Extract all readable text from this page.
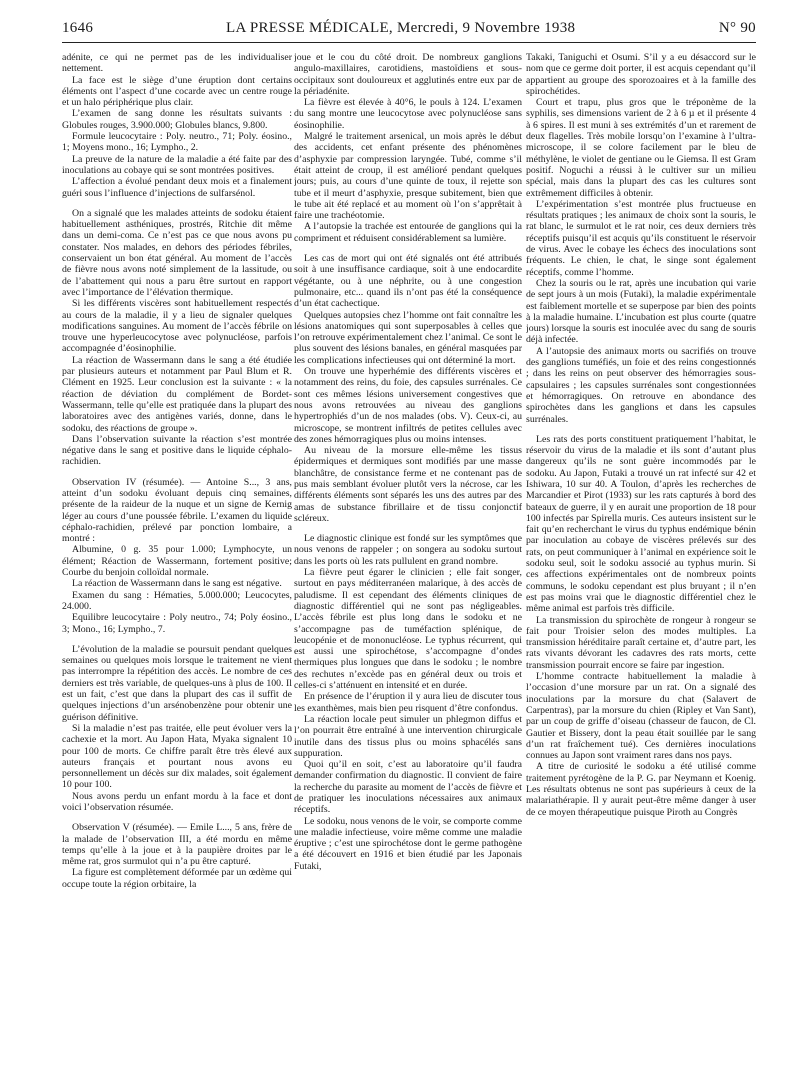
1646	LA PRESSE MÉDICALE, Mercredi, 9 Novembre 1938	N° 90

adénite, ce qui ne permet pas de les individualiser nettement.

La face est le siège d’une éruption dont certains éléments ont l’aspect d’une cocarde avec un centre rouge et un halo périphérique plus clair.

L’examen de sang donne les résultats suivants : Globules rouges, 3.900.000; Globules blancs, 9.800.

Formule leucocytaire : Poly. neutro., 71; Poly. éosino., 1; Moyens mono., 16; Lympho., 2.

La preuve de la nature de la maladie a été faite par des inoculations au cobaye qui se sont montrées positives.

L’affection a évolué pendant deux mois et a finalement guéri sous l’influence d’injections de sulfarsénol.

On a signalé que les malades atteints de sodoku étaient habituellement asthéniques, prostrés, Ritchie dit même dans un demi-coma. Ce n’est pas ce que nous avons pu constater. Nos malades, en dehors des périodes fébriles, conservaient un bon état général. Au moment de l’accès de fièvre nous avons noté simplement de la lassitude, ou de l’abattement qui nous a paru être surtout en rapport avec l’importance de l’élévation thermique.

Si les différents viscères sont habituellement respectés au cours de la maladie, il y a lieu de signaler quelques modifications sanguines. Au moment de l’accès fébrile on trouve une hyperleucocytose avec polynucléose, parfois accompagnée d’éosinophilie.

La réaction de Wassermann dans le sang a été étudiée par plusieurs auteurs et notamment par Paul Blum et R. Clément en 1925. Leur conclusion est la suivante : « la réaction de déviation du complément de Bordet-Wassermann, telle qu’elle est pratiquée dans la plupart des laboratoires avec des antigènes variés, donne, dans le sodoku, des réactions de groupe ».

Dans l’observation suivante la réaction s’est montrée négative dans le sang et positive dans le liquide céphalo-rachidien.

Observation IV (résumée). — Antoine S..., 3 ans, atteint d’un sodoku évoluant depuis cinq semaines, présente de la raideur de la nuque et un signe de Kernig léger au cours d’une poussée fébrile. L’examen du liquide céphalo-rachidien, prélevé par ponction lombaire, a montré :

Albumine, 0 g. 35 pour 1.000; Lymphocyte, un élément; Réaction de Wassermann, fortement positive; Courbe du benjoin colloïdal normale.

La réaction de Wassermann dans le sang est négative.

Examen du sang : Hématies, 5.000.000; Leucocytes, 24.000.

Equilibre leucocytaire : Poly neutro., 74; Poly éosino., 3; Mono., 16; Lympho., 7.

L’évolution de la maladie se poursuit pendant quelques semaines ou quelques mois lorsque le traitement ne vient pas interrompre la répétition des accès. Le nombre de ces derniers est très variable, de quelques-uns à plus de 100. Il est un fait, c’est que dans la plupart des cas il suffit de quelques injections d’un arsénobenzène pour obtenir une guérison définitive.

Si la maladie n’est pas traitée, elle peut évoluer vers la cachexie et la mort. Au Japon Hata, Myaka signalent 10 pour 100 de morts. Ce chiffre paraît être très élevé aux auteurs français et pourtant nous avons eu personnellement un décès sur dix malades, soit également 10 pour 100.

Nous avons perdu un enfant mordu à la face et dont voici l’observation résumée.

Observation V (résumée). — Emile L..., 5 ans, frère de la malade de l’observation III, a été mordu en même temps qu’elle à la joue et à la paupière droites par le même rat, gros surmulot qui n’a pu être capturé.

La figure est complètement déformée par un œdème qui occupe toute la région orbitaire, la

joue et le cou du côté droit. De nombreux ganglions angulo-maxillaires, carotidiens, mastoïdiens et sous-occipitaux sont douloureux et agglutinés entre eux par de la périadénite.

La fièvre est élevée à 40°6, le pouls à 124. L’examen du sang montre une leucocytose avec polynucléose sans éosinophilie.

Malgré le traitement arsenical, un mois après le début des accidents, cet enfant présente des phénomènes d’asphyxie par compression laryngée. Tubé, comme s’il était atteint de croup, il est amélioré pendant quelques jours; puis, au cours d’une quinte de toux, il rejette son tube et il meurt d’asphyxie, presque subitement, bien que le tube ait été replacé et au moment où l’on s’apprêtait à faire une trachéotomie.

A l’autopsie la trachée est entourée de ganglions qui la compriment et réduisent considérablement sa lumière.

Les cas de mort qui ont été signalés ont été attribués soit à une insuffisance cardiaque, soit à une endocardite végétante, ou à une néphrite, ou à une congestion pulmonaire, etc... quand ils n’ont pas été la conséquence d’un état cachectique.

Quelques autopsies chez l’homme ont fait connaître les lésions anatomiques qui sont superposables à celles que l’on retrouve expérimentalement chez l’animal. Ce sont le plus souvent des lésions banales, en général masquées par les complications infectieuses qui ont déterminé la mort.

On trouve une hyperhémie des différents viscères et notamment des reins, du foie, des capsules surrénales. Ce sont ces mêmes lésions universement congestives que nous avons retrouvées au niveau des ganglions hypertrophiés d’un de nos malades (obs. V). Ceux-ci, au microscope, se montrent infiltrés de petites cellules avec des zones hémorragiques plus ou moins intenses.

Au niveau de la morsure elle-même les tissus épidermiques et dermiques sont modifiés par une masse blanchâtre, de consistance ferme et ne contenant pas de pus mais semblant évoluer plutôt vers la nécrose, car les différents éléments sont séparés les uns des autres par des amas de substance fibrillaire et de tissu conjonctif scléreux.

Le diagnostic clinique est fondé sur les symptômes que nous venons de rappeler ; on songera au sodoku surtout dans les ports où les rats pullulent en grand nombre.

La fièvre peut égarer le clinicien ; elle fait songer, surtout en pays méditerranéen malarique, à des accès de paludisme. Il est cependant des éléments cliniques de diagnostic différentiel qui ne sont pas négligeables. L’accès fébrile est plus long dans le sodoku et ne s’accompagne pas de tuméfaction splénique, de leucopénie et de mononucléose. Le typhus récurrent, qui est aussi une spirochétose, s’accompagne d’ondes thermiques plus longues que dans le sodoku ; le nombre des rechutes n’excède pas en général deux ou trois et celles-ci s’atténuent en intensité et en durée.

En présence de l’éruption il y aura lieu de discuter tous les exanthèmes, mais bien peu risquent d’être confondus.

La réaction locale peut simuler un phlegmon diffus et l’on pourrait être entraîné à une intervention chirurgicale inutile dans des tissus plus ou moins sphacélés sans suppuration.

Quoi qu’il en soit, c’est au laboratoire qu’il faudra demander confirmation du diagnostic. Il convient de faire la recherche du parasite au moment de l’accès de fièvre et de pratiquer les inoculations nécessaires aux animaux réceptifs.

Le sodoku, nous venons de le voir, se comporte comme une maladie infectieuse, voire même comme une maladie éruptive ; c’est une spirochétose dont le germe pathogène a été découvert en 1916 et bien étudié par les Japonais Futaki,

Takaki, Taniguchi et Osumi. S’il y a eu désaccord sur le nom que ce germe doit porter, il est acquis cependant qu’il appartient au groupe des sporozoaires et à la famille des spirochétides.

Court et trapu, plus gros que le tréponème de la syphilis, ses dimensions varient de 2 à 6 µ et il présente 4 à 6 spires. Il est muni à ses extrémités d’un et rarement de deux flagelles. Très mobile lorsqu’on l’examine à l’ultra-microscope, il se colore facilement par le bleu de méthylène, le violet de gentiane ou le Giemsa. Il est Gram positif. Noguchi a réussi à le cultiver sur un milieu spécial, mais dans la plupart des cas les cultures sont extrêmement difficiles à obtenir.

L’expérimentation s’est montrée plus fructueuse en résultats pratiques ; les animaux de choix sont la souris, le rat blanc, le surmulot et le rat noir, ces deux derniers très réceptifs puisqu’il est acquis qu’ils constituent le réservoir de virus. Avec le cobaye les échecs des inoculations sont fréquents. Le chien, le chat, le singe sont également réceptifs, comme l’homme.

Chez la souris ou le rat, après une incubation qui varie de sept jours à un mois (Futaki), la maladie expérimentale est faiblement mortelle et se superpose par bien des points à la maladie humaine. L’incubation est plus courte (quatre jours) lorsque la souris est inoculée avec du sang de souris déjà infectée.

A l’autopsie des animaux morts ou sacrifiés on trouve des ganglions tuméfiés, un foie et des reins congestionnés ; dans les reins on peut observer des hémorragies sous-capsulaires ; les capsules surrénales sont congestionnées et hémorragiques. On retrouve en abondance des spirochètes dans les ganglions et dans les capsules surrénales.

Les rats des ports constituent pratiquement l’habitat, le réservoir du virus de la maladie et ils sont d’autant plus dangereux qu’ils ne sont guère incommodés par le sodoku. Au Japon, Futaki a trouvé un rat infecté sur 42 et Ishiwara, 10 sur 40. A Toulon, d’après les recherches de Marcandier et Pirot (1933) sur les rats capturés à bord des bateaux de guerre, il y en aurait une proportion de 18 pour 100 infectés par Spirella muris. Ces auteurs insistent sur le fait qu’en recherchant le virus du typhus endémique bénin par inoculation au cobaye de viscères prélevés sur des rats, on peut communiquer à l’animal en expérience soit le sodoku seul, soit le sodoku associé au typhus murin. Si ces affections expérimentales ont de nombreux points communs, le sodoku cependant est plus bruyant ; il n’en est pas moins vrai que le diagnostic différentiel chez le même animal est parfois très difficile.

La transmission du spirochète de rongeur à rongeur se fait pour Troisier selon des modes multiples. La transmission héréditaire paraît certaine et, d’autre part, les rats vivants dévorant les cadavres des rats morts, cette transmission pourrait encore se faire par ingestion.

L’homme contracte habituellement la maladie à l’occasion d’une morsure par un rat. On a signalé des inoculations par la morsure du chat (Salavert de Carpentras), par la morsure du chien (Ripley et Van Sant), par un coup de griffe d’oiseau (chasseur de faucon, de Cl. Gautier et Bissery, dont la peau était souillée par le sang d’un rat fraîchement tué). Ces dernières inoculations connues au Japon sont vraiment rares dans nos pays.

A titre de curiosité le sodoku a été utilisé comme traitement pyrétogène de la P. G. par Neymann et Koenig. Les résultats obtenus ne sont pas supérieurs à ceux de la malariathérapie. Il y aurait peut-être même danger à user de ce moyen thérapeutique puisque Piroth au Congrès
